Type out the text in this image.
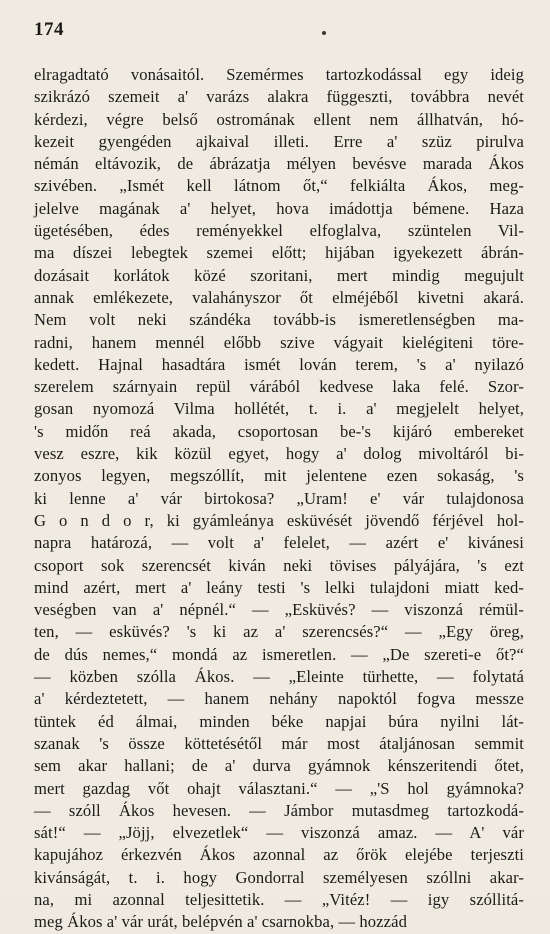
174
elragadtató vonásaitól. Szemérmes tartozkodással egy ideig
szikrázó szemeit a' varázs alakra függeszti, továbbra nevét
kérdezi, végre belső ostromának ellent nem állhatván, hó-
kezeit gyengéden ajkaival illeti. Erre a' szüz pirulva
némán eltávozik, de ábrázatja mélyen bevésve marada Ákos
szivében. „Ismét kell látnom őt,“ felkiálta Ákos, meg-
jelelve magának a' helyet, hova imádottja bémene. Haza
ügetésében, édes reményekkel elfoglalva, szüntelen Vil-
ma díszei lebegtek szemei előtt; hijában igyekezett ábrán-
dozásait korlátok közé szoritani, mert mindig megujult
annak emlékezete, valahányszor őt elméjéből kivetni akará.
Nem volt neki szándéka tovább-is ismeretlenségben ma-
radni, hanem mennél előbb szive vágyait kielégiteni töre-
kedett. Hajnal hasadtára ismét lován terem, 's a' nyilazó
szerelem szárnyain repül várából kedvese laka felé. Szor-
gosan nyomozá Vilma hollétét, t. i. a' megjelelt helyet,
's midőn reá akada, csoportosan be-'s kijáró embereket
vesz eszre, kik közül egyet, hogy a' dolog mivoltáról bi-
zonyos legyen, megszóllít, mit jelentene ezen sokaság, 's
ki lenne a' vár birtokosa? „Uram! e' vár tulajdonosa
G o n d o r, ki gyámleánya esküvését jövendő férjével hol-
napra határozá, — volt a' felelet, — azért e' kivánesi
csoport sok szerencsét kiván neki tövises pályájára, 's ezt
mind azért, mert a' leány testi 's lelki tulajdoni miatt ked-
veségben van a' népnél.“ — „Esküvés? — viszonzá rémül-
ten, — esküvés? 's ki az a' szerencsés?“ — „Egy öreg,
de dús nemes,“ mondá az ismeretlen. — „De szereti-e őt?“
— közben szólla Ákos. — „Eleinte türhette, — folytatá
a' kérdeztetett, — hanem nehány napoktól fogva messze
tüntek éd álmai, minden béke napjai búra nyilni lát-
szanak 's össze köttetésétől már most átaljánosan semmit
sem akar hallani; de a' durva gyámnok kénszeritendi őtet,
mert gazdag vőt ohajt választani.“ — „'S hol gyámnoka?
— szóll Ákos hevesen. — Jámbor mutasdmeg tartozkodá-
sát!“ — „Jöjj, elvezetlek“ — viszonzá amaz. — A' vár
kapujához érkezvén Ákos azonnal az őrök elejébe terjeszti
kivánságát, t. i. hogy Gondorral személyesen szóllni akar-
na, mi azonnal teljesittetik. — „Vitéz! — igy szóllitá-
meg Ákos a' vár urát, belépvén a' csarnokba, — hozzád
